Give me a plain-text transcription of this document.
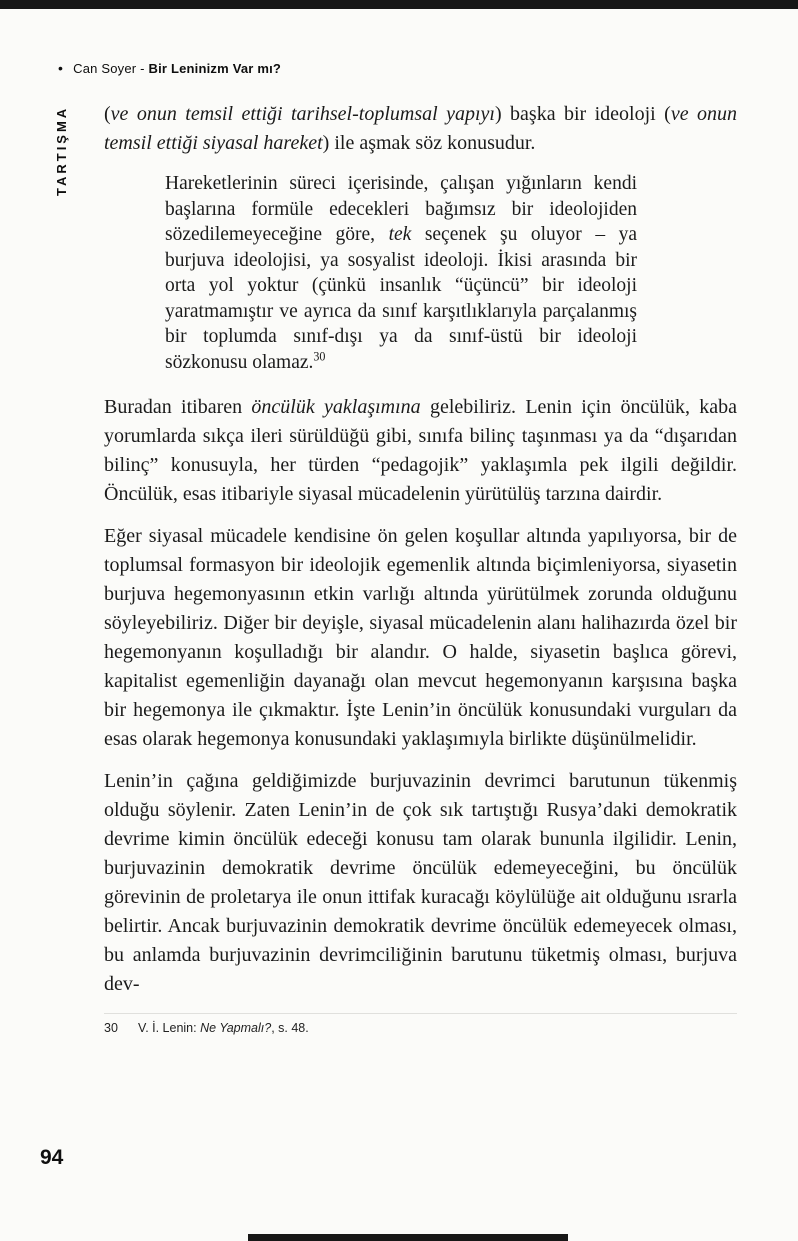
• Can Soyer - Bir Leninizm Var mı?
TARTIŞMA (ve onun temsil ettiği tarihsel-toplumsal yapıyı) başka bir ideoloji (ve onun temsil ettiği siyasal hareket) ile aşmak söz konusudur.

Hareketlerinin süreci içerisinde, çalışan yığınların kendi başlarına formüle edecekleri bağımsız bir ideolojiden sözedilemeyeceğine göre, tek seçenek şu oluyor – ya burjuva ideolojisi, ya sosyalist ideoloji. İkisi arasında bir orta yol yoktur (çünkü insanlık “üçüncü” bir ideoloji yaratmamıştır ve ayrıca da sınıf karşıtlıklarıyla parçalanmış bir toplumda sınıf-dışı ya da sınıf-üstü bir ideoloji sözkonusu olamaz.$^{30}$

Buradan itibaren öncülük yaklaşımına gelebiliriz. Lenin için öncülük, kaba yorumlarda sıkça ileri sürüldüğü gibi, sınıfa bilinç taşınması ya da “dışarıdan bilinç” konusuyla, her türden “pedagojik” yaklaşımla pek ilgili değildir. Öncülük, esas itibariyle siyasal mücadelenin yürütülüş tarzına dairdir.

Eğer siyasal mücadele kendisine ön gelen koşullar altında yapılıyorsa, bir de toplumsal formasyon bir ideolojik egemenlik altında biçimleniyorsa, siyasetin burjuva hegemonyasının etkin varlığı altında yürütülmek zorunda olduğunu söyleyebiliriz. Diğer bir deyişle, siyasal mücadelenin alanı halihazırda özel bir hegemonyanın koşulladığı bir alandır. O halde, siyasetin başlıca görevi, kapitalist egemenliğin dayanağı olan mevcut hegemonyanın karşısına başka bir hegemonya ile çıkmaktır. İşte Lenin’in öncülük konusundaki vurguları da esas olarak hegemonya konusundaki yaklaşımıyla birlikte düşünülmelidir.

Lenin’in çağına geldiğimizde burjuvazinin devrimci barutunun tükenmiş olduğu söylenir. Zaten Lenin’in de çok sık tartıştığı Rusya’daki demokratik devrime kimin öncülük edeceği konusu tam olarak bununla ilgilidir. Lenin, burjuvazinin demokratik devrime öncülük edemeyeceğini, bu öncülük görevinin de proletarya ile onun ittifak kuracağı köylülüğe ait olduğunu ısrarla belirtir. Ancak burjuvazinin demokratik devrime öncülük edemeyecek olması, bu anlamda burjuvazinin devrimciliğinin barutunu tüketmiş olması, burjuva dev-

30 V. İ. Lenin: Ne Yapmalı?, s. 48.
94
